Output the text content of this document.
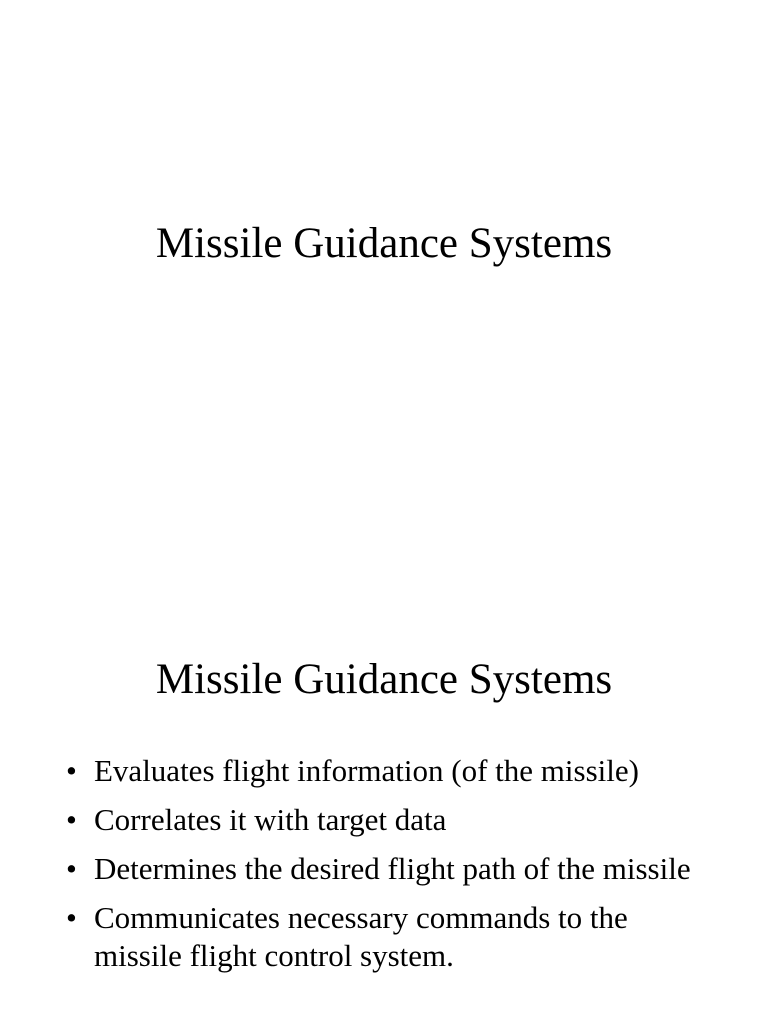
Missile Guidance Systems
Missile Guidance Systems
• Evaluates flight information (of the missile)
• Correlates it with target data
• Determines the desired flight path of the missile
• Communicates necessary commands to the missile flight control system.
